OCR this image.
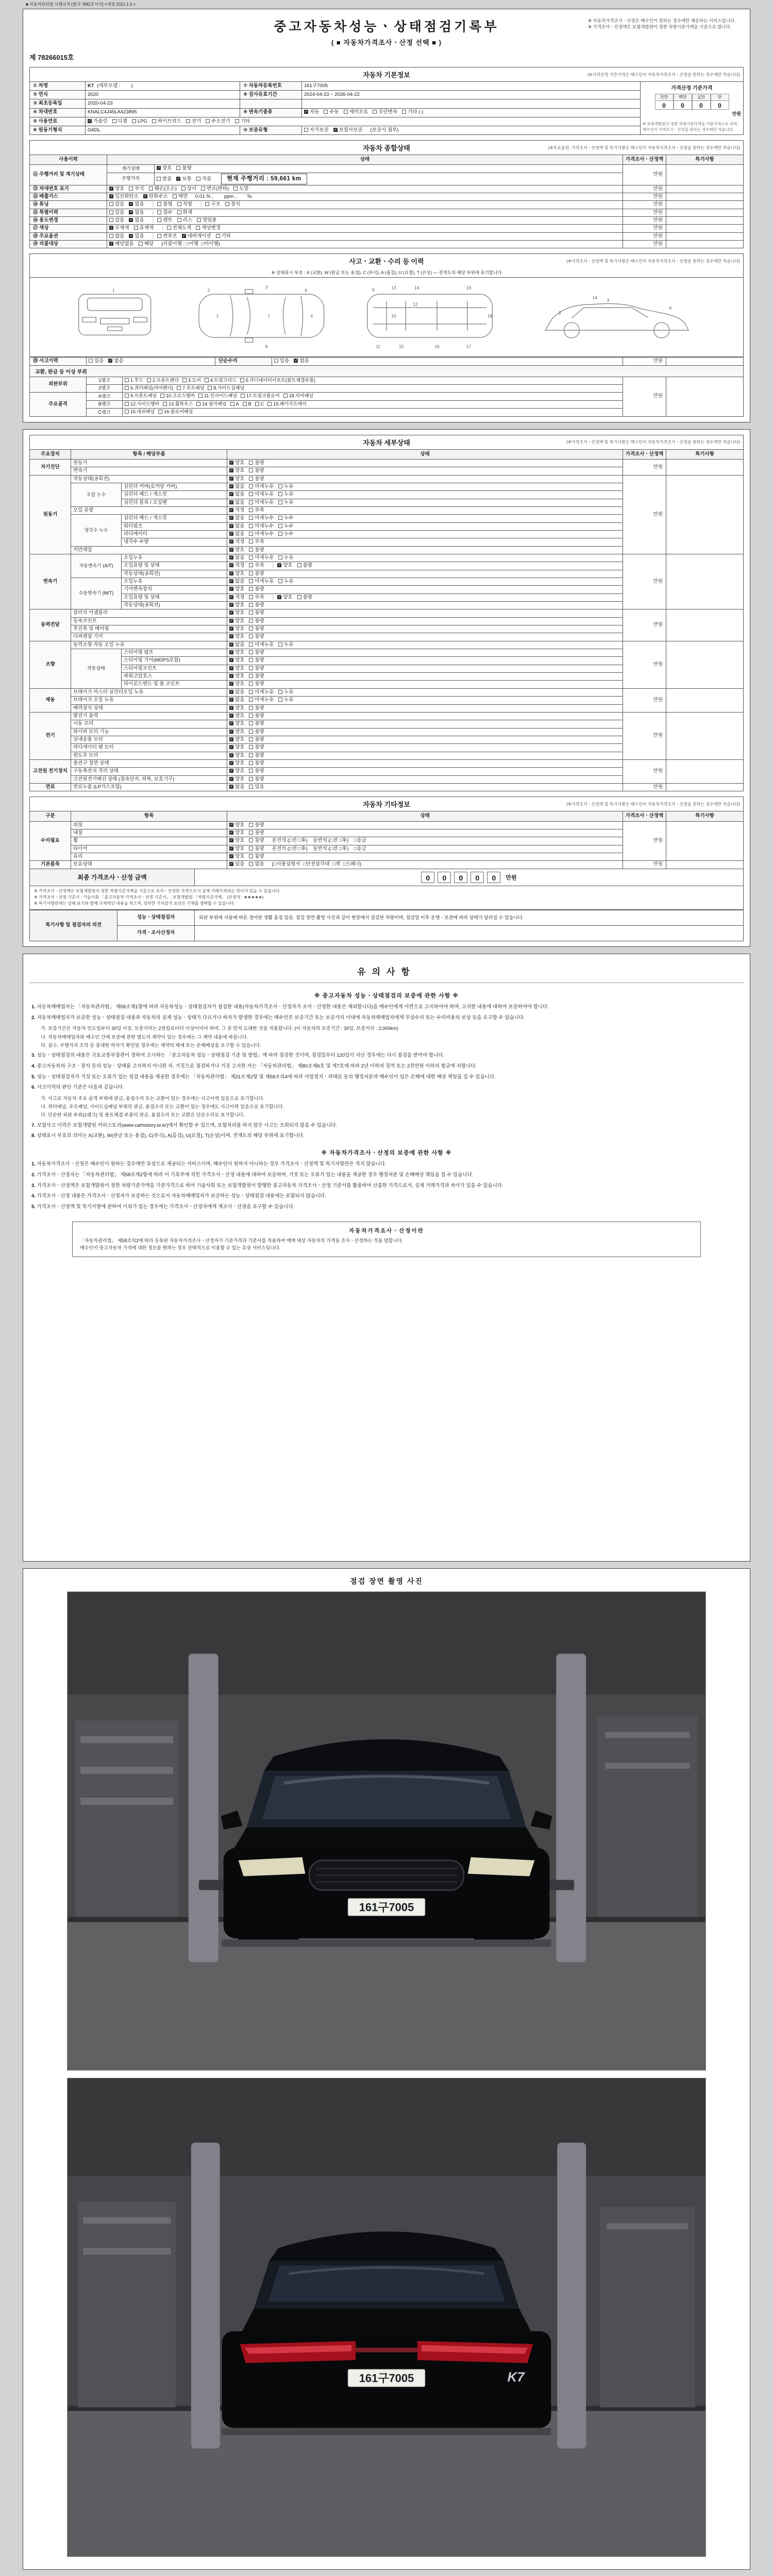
■ 자동차관리법 시행규칙 [별지 제82호서식] <개정 2021.1.5.>
중고자동차성능ㆍ상태점검기록부
( ■ 자동차가격조사ㆍ산정 선택 ■ )
※ 자동차가격조사ㆍ산정은 매수인이 원하는 경우에만 제공하는 서비스입니다.
※ 가격조사ㆍ산정액은 보험개발원이 정한 차량기준가액을 기준으로 합니다.
제 78266015호
자동차 기본정보	(※가격산정 기준가격은 매수인이 자동차가격조사ㆍ산정을 원하는 경우에만 적습니다)
① 차명	K7 (세부모델 :        )	⑦ 자동차등록번호	161구7005	가격산정 기준가격
천만 백만 십만 만
0 0 0 0
만원
※ 보험개발원이 정한 차량기준가액을 기준가격으로 하며, 매수인이 가격조사ㆍ산정을 원하는 경우에만 적습니다.

② 연식	2020	⑧ 검사유효기간	2024-04-23 ~ 2026-04-22	
③ 최초등록일	2020-04-23			
④ 차대번호	KNALC4J45LA423895	⑨ 변속기종류	✓자동 수동 세미오토 무단변속 기타 ( )
⑤ 사용연료	✓가솔린 디젤 LPG 하이브리드 전기 수소전기 기타
⑥ 원동기형식	G6DL	⑩ 보증유형	자가보증 ✓ 보험사보증 (보증서 첨부)
자동차 종합상태	(※주요옵션, 가격조사ㆍ산정액 및 특기사항은 매수인이 자동차가격조사ㆍ산정을 원하는 경우에만 적습니다)
사용이력	상태		가격조사ㆍ산정액	특기사항
⑪ 주행거리 및 계기상태	계기상태	✓양호 불량	만원	
	주행거리	많음 ✓ 보통 적음 현재 주행거리 : 59,661 km
⑫ 차대번호 표기	✓양호 부식 훼손(오손) 상이 변조(변타) 도말		만원	
⑬ 배출가스	✓일산화탄소 ✓ 탄화수소 매연 0.01 % ,        ppm ,        %		만원	
⑭ 튜닝	있음 ✓ 없음 | 불법 적법 | 구조 장치		만원	
⑮ 특별이력	있음 ✓ 없음 | 침수 화재		만원	
⑯ 용도변경	있음 ✓ 없음 | 렌트 리스 영업용		만원	
⑰ 색상	✓무채색 유채색 | 전체도색 색상변경		만원	
⑱ 주요옵션	없음 ✓ 있음 | 썬루프 ✓ 네비게이션 기타		만원	
⑲ 리콜대상	✓해당없음 해당 (리콜이행 : □이행  □미이행)		만원	
사고ㆍ교환ㆍ수리 등 이력	(※가격조사ㆍ산정액 및 특기사항은 매수인이 자동차가격조사ㆍ산정을 원하는 경우에만 적습니다)
※ 상태표시 부호 : X (교환), W (판금 또는 용접), C (부식), A (흠집), U (요철), T (손상) — 전개도의 해당 부위에 표기합니다
1	2
3
6
1	7	4
8
9
10
11
12
13	14
15	16	17
18
19
2
3
14
6
⑳ 사고이력	있음 ✓ 없음	단순수리	있음 ✓ 없음	만원	
교환, 판금 등 이상 부위
외판부위	1랭크	1.후드 2.프론트펜더 3.도어 4.트렁크리드 5.라디에이터서포트(볼트체결부품)	만원	
	2랭크	6.쿼터패널(리어펜더) 7.루프패널 8.사이드실패널		
주요골격	A랭크	9.프론트패널 10.크로스멤버 11.인사이드패널 17.트렁크플로어 18.리어패널		
	B랭크	12.사이드멤버 13.휠하우스 14.필러패널 A B C 19.패키지트레이		
	C랭크	15.대쉬패널 16.플로어패널		
자동차 세부상태	(※가격조사ㆍ산정액 및 특기사항은 매수인이 자동차가격조사ㆍ산정을 원하는 경우에만 적습니다)
주요장치	항목 / 해당부품		상태	가격조사ㆍ산정액	특기사항
자기진단	원동기	✓양호 불량	만원	
	변속기	✓양호 불량
원동기	작동상태(공회전)	✓양호 불량	만원	
	오일 누수	실린더 커버(로커암 커버)	✓없음 미세누유 누유
		실린더 헤드 / 개스킷	✓없음 미세누유 누유
		실린더 블록 / 오일팬	✓없음 미세누유 누유
	오일 유량	✓적정 부족
	냉각수 누수	실린더 헤드 / 개스킷	✓없음 미세누수 누수
		워터펌프	✓없음 미세누수 누수
		라디에이터	✓없음 미세누수 누수
		냉각수 수량	✓적정 부족
	커먼레일	✓양호 불량
변속기	자동변속기 (A/T)	오일누유	✓없음 미세누유 누유	만원	
		오일유량 및 상태	✓적정 부족 | ✓ 양호 불량
		작동상태(공회전)	✓양호 불량
	수동변속기 (M/T)	오일누유	✓없음 미세누유 누유
		기어변속장치	✓양호 불량
		오일유량 및 상태	✓적정 부족 | ✓ 양호 불량
		작동상태(공회전)	✓양호 불량
동력전달	클러치 어셈블리	✓양호 불량	만원	
	등속조인트	✓양호 불량
	추진축 및 베어링	✓양호 불량
	디퍼렌셜 기어	✓양호 불량
조향	동력조향 작동 오일 누유	✓없음 미세누유 누유	만원	
	작동상태	스티어링 펌프	✓양호 불량
		스티어링 기어(MDPS포함)	✓양호 불량
		스티어링조인트	✓양호 불량
		파워고압호스	✓양호 불량
		타이로드엔드 및 볼 조인트	✓양호 불량
제동	브레이크 마스터 실린더오일 누유	✓없음 미세누유 누유	만원	
	브레이크 오일 누유	✓없음 미세누유 누유
	배력장치 상태	✓양호 불량
전기	발전기 출력	✓양호 불량	만원	
	시동 모터	✓양호 불량
	와이퍼 모터 기능	✓양호 불량
	실내송풍 모터	✓양호 불량
	라디에이터 팬 모터	✓양호 불량
	윈도우 모터	✓양호 불량
고전원 전기장치	충전구 절연 상태	✓양호 불량	만원	
	구동축전지 격리 상태	✓양호 불량
	고전원전기배선 상태 (접속단자, 피복, 보호기구)	✓양호 불량
연료	연료누출 (LP가스포함)	✓없음 있음	만원	
자동차 기타정보	(※가격조사ㆍ산정액 및 특기사항은 매수인이 자동차가격조사ㆍ산정을 원하는 경우에만 적습니다)
구분	항목	상태	가격조사ㆍ산정액	특기사항
수리필요	외장	✓양호 불량	만원	
	내장	✓양호 불량
	휠	✓양호 불량 운전석 (□전 □후)    동반석 (□전 □후)    □응급
	타이어	✓양호 불량 운전석 (□전 □후)    동반석 (□전 □후)    □응급
	유리	✓양호 불량
기본품목	보유상태	✓있음 없음 (□사용설명서  □안전삼각대  □잭  □스패너)	만원	
최종 가격조사ㆍ산정 금액	0	0	0	0	0	만원
※ 가격조사ㆍ산정액은 보험개발원이 정한 차량기준가액을 기준으로 조사ㆍ산정한 가격으로서 실제 거래가격과는 차이가 있을 수 있습니다.
※ 가격조사ㆍ산정 기준서 : 기술사회 「중고자동차 가격조사ㆍ산정 기준서」, 보험개발원 「차량기준가액」 (산정자 : ★★★★★)
※ 특기사항란에는 상태 표기와 함께 구체적인 내용을 적으며, 경미한 가치감가 요인은 기재를 생략할 수 있습니다.
특기사항 및 점검자의 의견	성능ㆍ상태점검자	외판 부위에 사용에 따른 경미한 생활 흠집 있음. 점검 장면 촬영 사진과 같이 현장에서 점검한 차량이며, 점검일 이후 운행ㆍ보관에 따라 상태가 달라질 수 있습니다.
	가격ㆍ조사산정자	
유의사항
※ 중고자동차 성능ㆍ상태점검의 보증에 관한 사항 ※
1. 자동차매매업자는 「자동차관리법」 제58조제1항에 따라 자동차성능ㆍ상태점검자가 점검한 내용(자동차가격조사ㆍ산정자가 조사ㆍ산정한 내용은 제외합니다)을 매수인에게 서면으로 고지하여야 하며, 고지한 내용에 대하여 보증하여야 합니다.
2. 자동차매매업자가 보증한 성능ㆍ상태점검 내용과 자동차의 실제 성능ㆍ상태가 다르거나 하자가 발생한 경우에는 매수인은 보증기간 또는 보증거리 이내에 자동차매매업자에게 무상수리 또는 수리비용의 보상 등을 요구할 수 있습니다.
가. 보증기간은 자동차 인도일부터 30일 이상, 보증거리는 2천킬로미터 이상이어야 하며, 그 중 먼저 도래한 것을 적용합니다. (이 자동차의 보증기간 : 30일, 보증거리 : 2,000km)
나. 자동차매매업자와 매수인 간에 보증에 관한 별도의 계약이 있는 경우에는 그 계약 내용에 따릅니다.
다. 침수, 주행거리 조작 등 중대한 하자가 확인된 경우에는 계약의 해제 또는 손해배상을 요구할 수 있습니다.
3. 성능ㆍ상태점검의 내용은 국토교통부장관이 정하여 고시하는 「중고자동차 성능ㆍ상태점검 기준 및 방법」에 따라 점검한 것이며, 점검일부터 120일이 지난 경우에는 다시 점검을 받아야 합니다.
4. 중고자동차의 구조ㆍ장치 등의 성능ㆍ상태를 고지하지 아니한 자, 거짓으로 점검하거나 거짓 고지한 자는 「자동차관리법」 제80조제6호 및 제7호에 따라 2년 이하의 징역 또는 2천만원 이하의 벌금에 처합니다.
5. 성능ㆍ상태점검자가 거짓 또는 오류가 있는 점검 내용을 제공한 경우에는 「자동차관리법」 제21조제2항 및 제58조의4에 따라 사업정지ㆍ과태료 등의 행정처분과 매수인이 입은 손해에 대한 배상 책임을 질 수 있습니다.
6. 사고이력의 판단 기준은 다음과 같습니다.
가. 사고로 자동차 주요 골격 부위에 판금, 용접수리 또는 교환이 있는 경우에는 사고이력 있음으로 표기합니다.
나. 쿼터패널, 루프패널, 사이드실패널 부위의 판금, 용접수리 또는 교환이 있는 경우에도 사고이력 있음으로 표기합니다.
다. 단순한 외판 부위(1랭크) 및 볼트체결 부품의 판금, 용접수리 또는 교환은 단순수리로 표기합니다.
7. 보험사고 이력은 보험개발원 카히스토리(www.carhistory.or.kr)에서 확인할 수 있으며, 보험처리를 하지 않은 사고는 조회되지 않을 수 있습니다.
8. 상태표시 부호의 의미는 X(교환), W(판금 또는 용접), C(부식), A(흠집), U(요철), T(손상)이며, 전개도의 해당 부위에 표기합니다.
※ 자동차가격조사ㆍ산정의 보증에 관한 사항 ※
1. 자동차가격조사ㆍ산정은 매수인이 원하는 경우에만 유상으로 제공되는 서비스이며, 매수인이 원하지 아니하는 경우 가격조사ㆍ산정액 및 특기사항란은 적지 않습니다.
2. 가격조사ㆍ산정자는 「자동차관리법」 제58조제2항에 따라 이 기록부에 적힌 가격조사ㆍ산정 내용에 대하여 보증하며, 거짓 또는 오류가 있는 내용을 제공한 경우 행정처분 및 손해배상 책임을 질 수 있습니다.
3. 가격조사ㆍ산정액은 보험개발원이 정한 차량기준가액을 기준가격으로 하여 기술사회 또는 보험개발원이 발행한 중고자동차 가격조사ㆍ산정 기준서를 활용하여 산출한 가격으로서, 실제 거래가격과 차이가 있을 수 있습니다.
4. 가격조사ㆍ산정 내용은 가격조사ㆍ산정자가 보증하는 것으로서 자동차매매업자가 보증하는 성능ㆍ상태점검 내용에는 포함되지 않습니다.
5. 가격조사ㆍ산정액 및 특기사항에 관하여 이의가 있는 경우에는 가격조사ㆍ산정자에게 재조사ㆍ산정을 요구할 수 있습니다.
자동차가격조사ㆍ산정이란
「자동차관리법」 제58조의2에 따라 등록된 자동차가격조사ㆍ산정자가 기준가격과 기준서를 적용하여 매매 대상 자동차의 가격을 조사ㆍ산정하는 것을 말합니다.
매수인이 중고자동차 가격에 대한 정보를 원하는 경우 선택적으로 이용할 수 있는 유상 서비스입니다.
점검 장면 촬영 사진
161구7005
161구7005	K7
